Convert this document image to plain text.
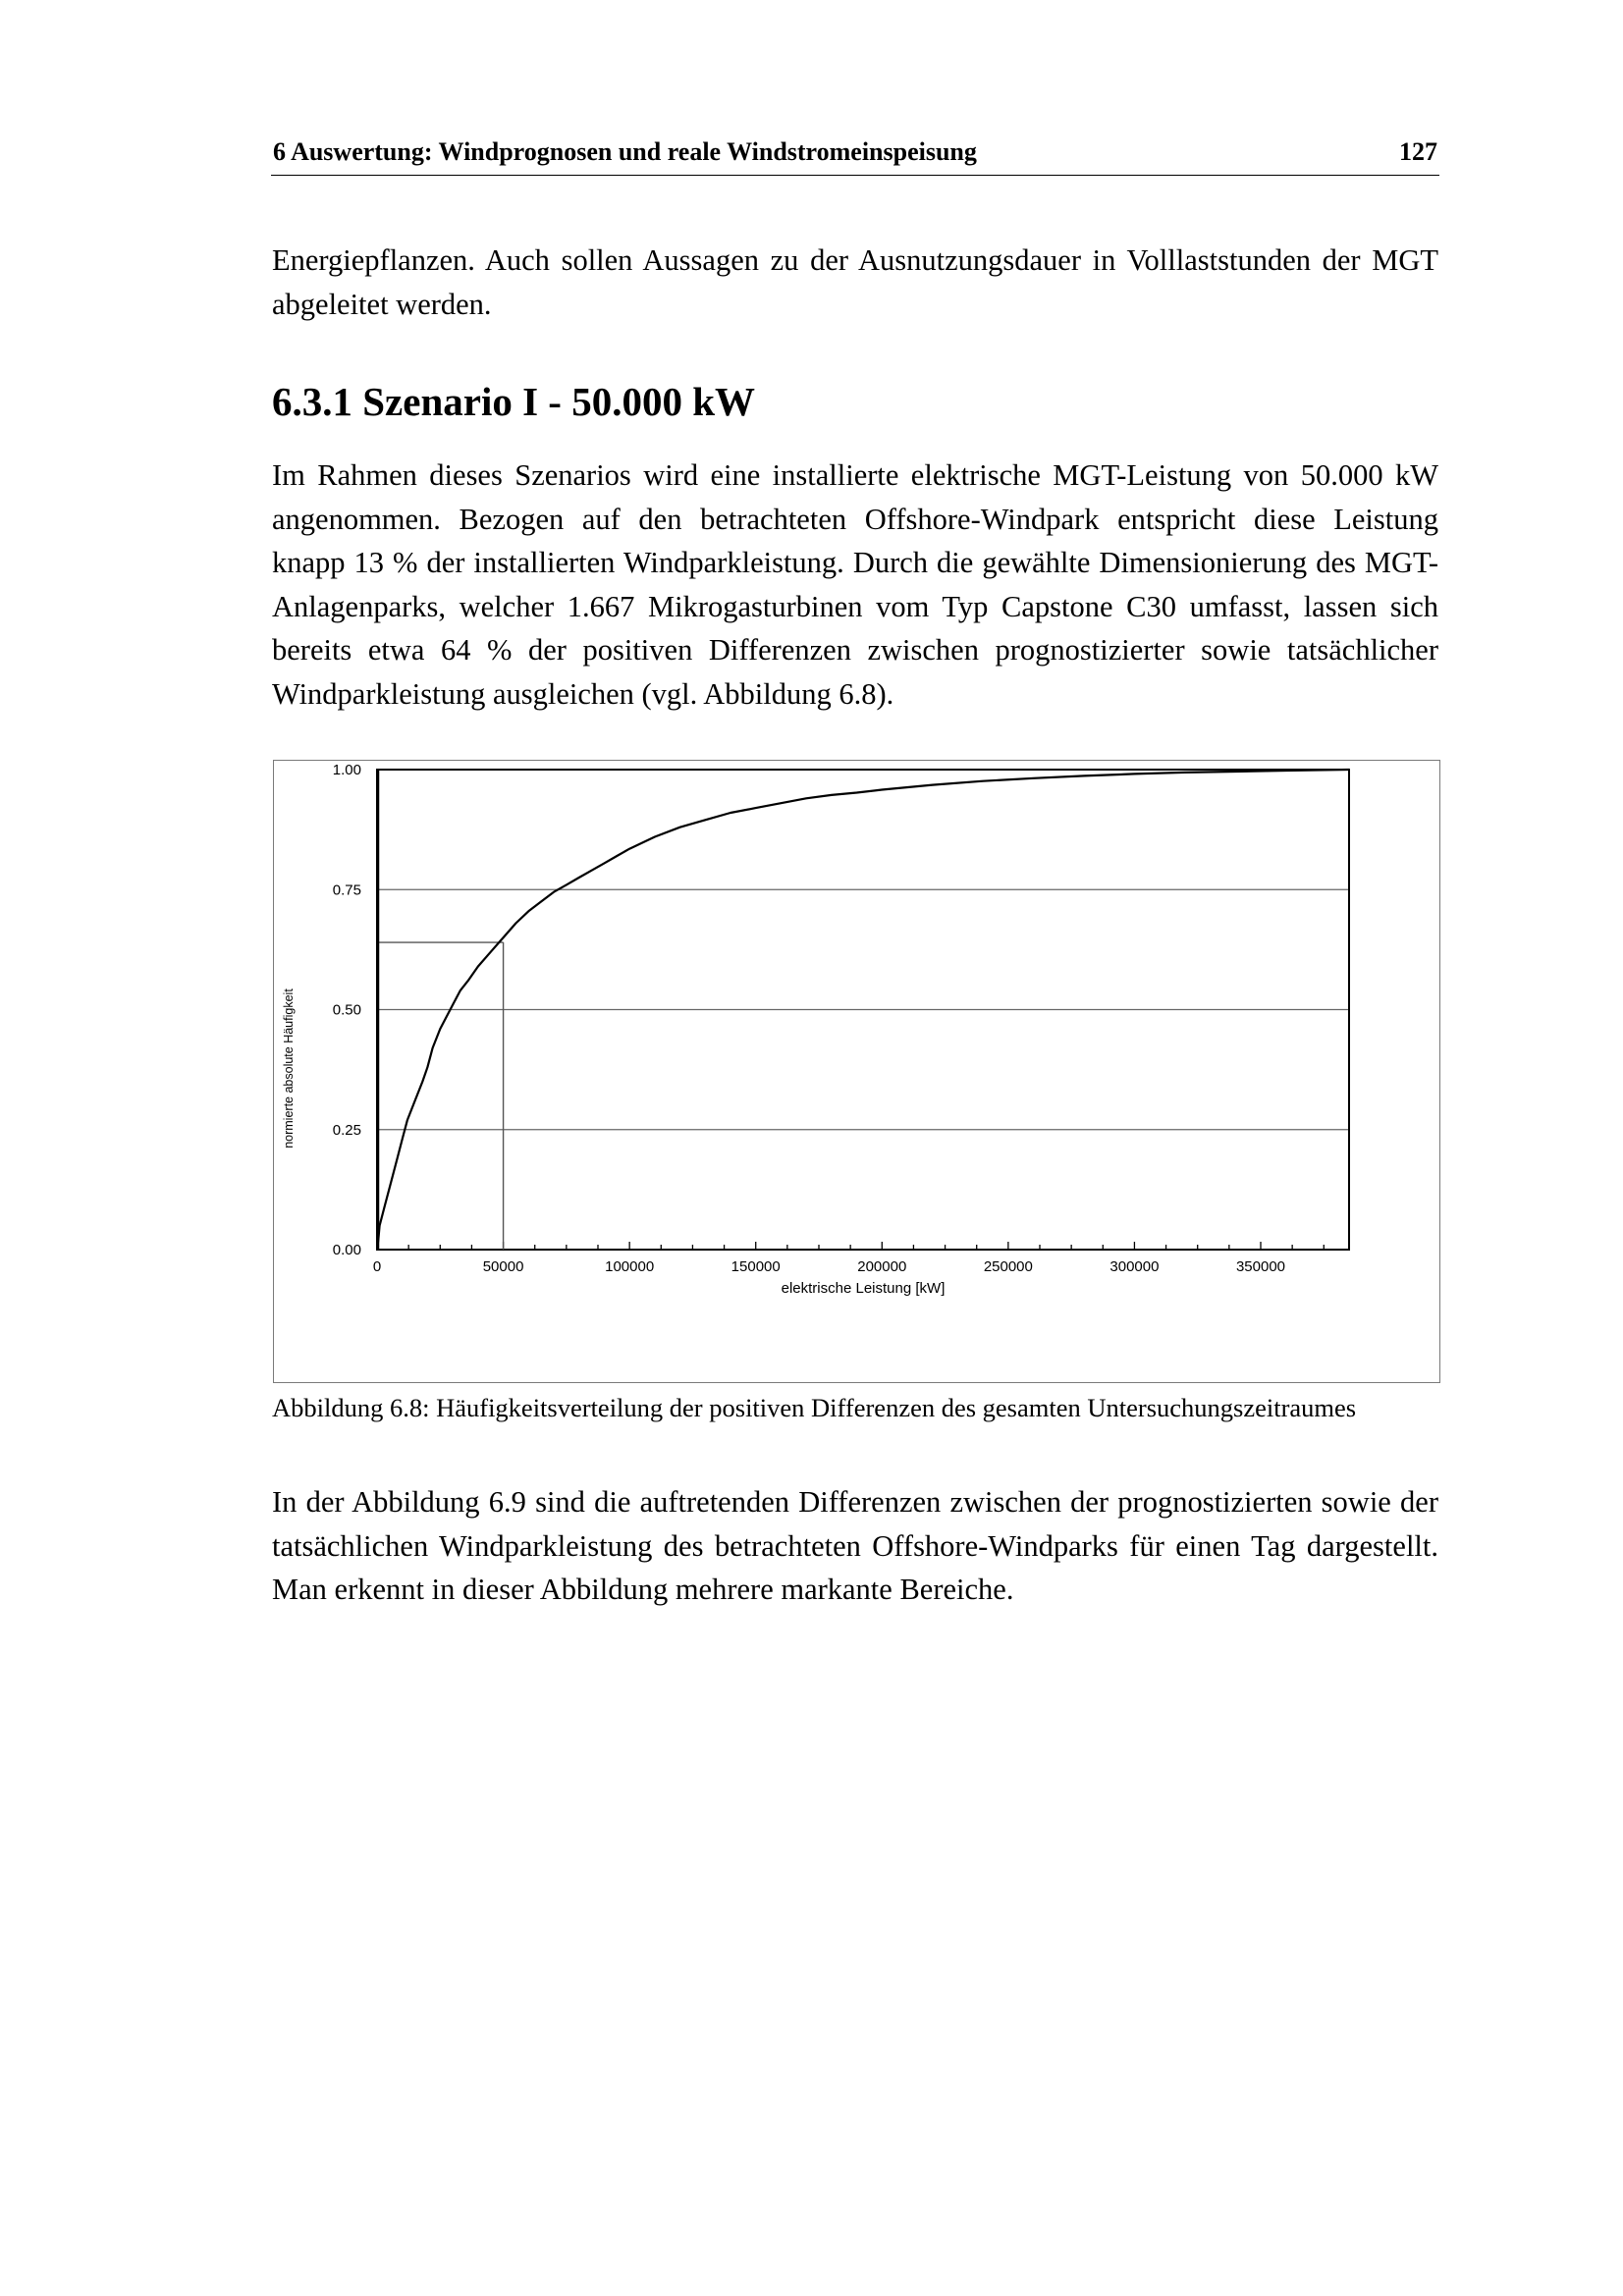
6 Auswertung: Windprognosen und reale Windstromeinspeisung	127

Energiepflanzen. Auch sollen Aussagen zu der Ausnutzungsdauer in Volllaststunden der MGT
abgeleitet werden.

6.3.1 Szenario I - 50.000 kW

Im Rahmen dieses Szenarios wird eine installierte elektrische MGT-Leistung von 50.000 kW
angenommen. Bezogen auf den betrachteten Offshore-Windpark entspricht diese Leistung
knapp 13 % der installierten Windparkleistung. Durch die gewählte Dimensionierung des MGT-
Anlagenparks, welcher 1.667 Mikrogasturbinen vom Typ Capstone C30 umfasst, lassen sich
bereits etwa 64 % der positiven Differenzen zwischen prognostizierter sowie tatsächlicher
Windparkleistung ausgleichen (vgl. Abbildung 6.8).

0.00
0.25
0.50
0.75
1.00
0	50000	100000	150000	200000	250000	300000	350000
elektrische Leistung [kW]
normierte absolute Häufigkeit
Abbildung 6.8: Häufigkeitsverteilung der positiven Differenzen des gesamten Untersuchungszeitraumes

In der Abbildung 6.9 sind die auftretenden Differenzen zwischen der prognostizierten sowie der
tatsächlichen Windparkleistung des betrachteten Offshore-Windparks für einen Tag dargestellt.
Man erkennt in dieser Abbildung mehrere markante Bereiche.
